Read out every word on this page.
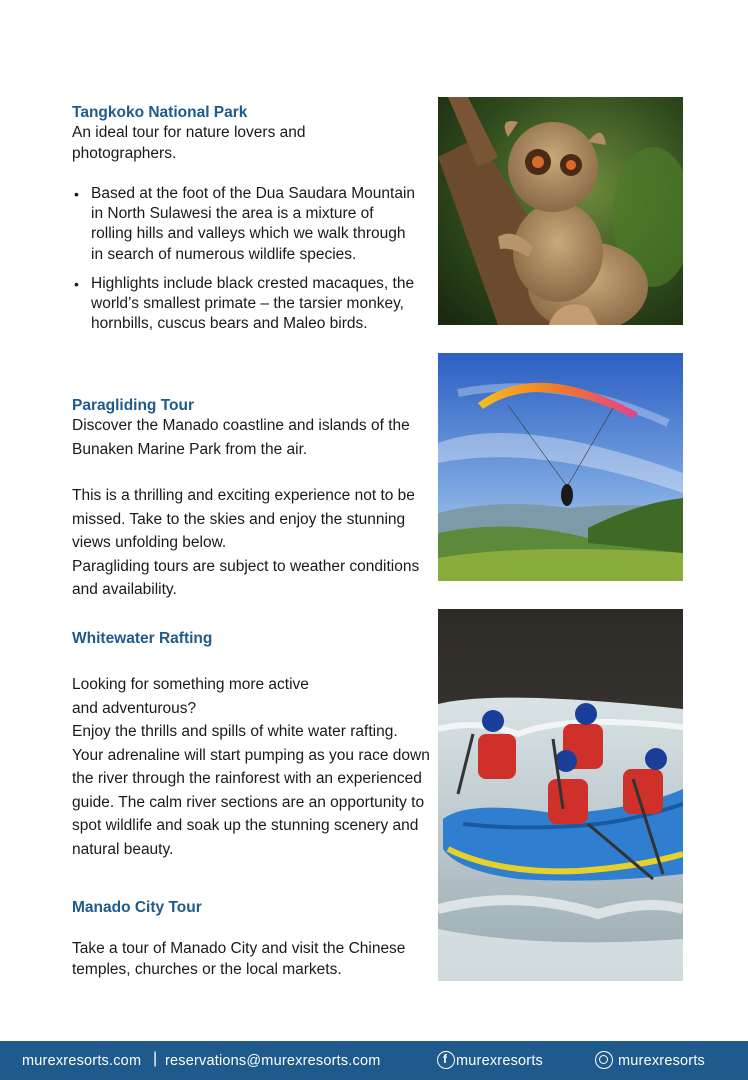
Tangkoko National Park

An ideal tour for nature lovers and photographers.

• Based at the foot of the Dua Saudara Mountain in North Sulawesi the area is a mixture of rolling hills and valleys which we walk through in search of numerous wildlife species.
• Highlights include black crested macaques, the world’s smallest primate – the tarsier monkey, hornbills, cuscus bears and Maleo birds.

Paragliding Tour

Discover the Manado coastline and islands of the Bunaken Marine Park from the air.

This is a thrilling and exciting experience not to be missed. Take to the skies and enjoy the stunning views unfolding below.

Paragliding tours are subject to weather conditions and availability.

Whitewater Rafting

Looking for something more active and adventurous?

Enjoy the thrills and spills of white water rafting. Your adrenaline will start pumping as you race down the river through the rainforest with an experienced guide. The calm river sections are an opportunity to spot wildlife and soak up the stunning scenery and natural beauty.

Manado City Tour

Take a tour of Manado City and visit the Chinese temples, churches or the local markets.

murexresorts.com | reservations@murexresorts.com	f murexresorts	murexresorts
